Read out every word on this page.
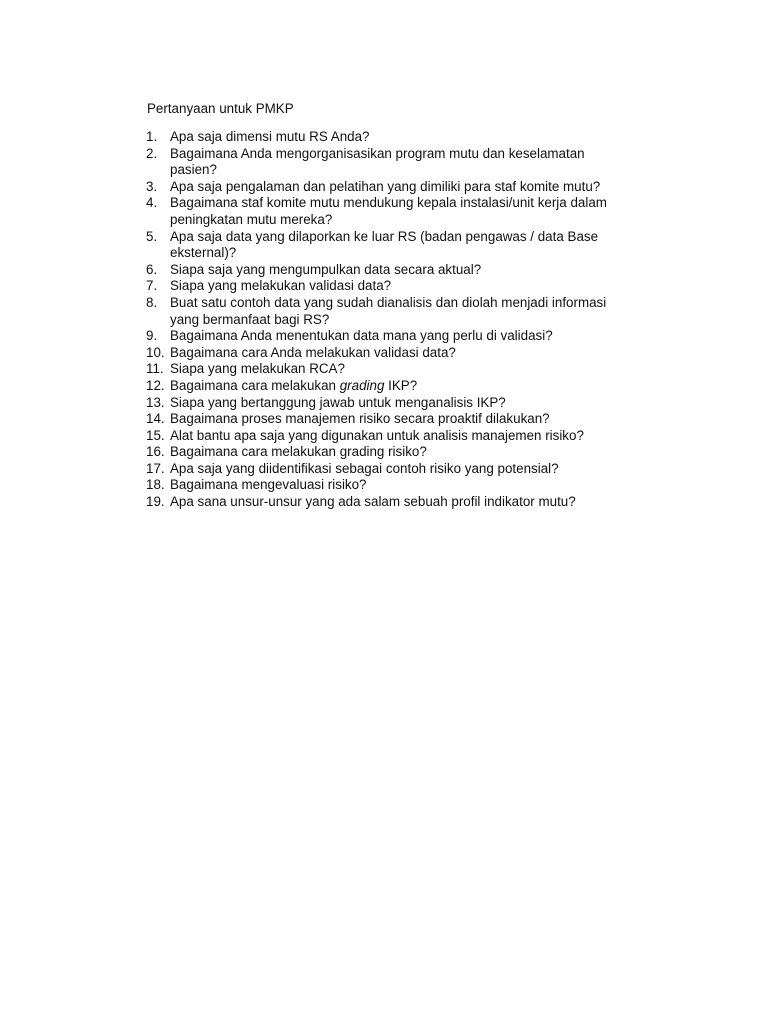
Pertanyaan untuk PMKP
1. Apa saja dimensi mutu RS Anda?
2. Bagaimana Anda mengorganisasikan program mutu dan keselamatan
pasien?
3. Apa saja pengalaman dan pelatihan yang dimiliki para staf komite mutu?
4. Bagaimana staf komite mutu mendukung kepala instalasi/unit kerja dalam
peningkatan mutu mereka?
5. Apa saja data yang dilaporkan ke luar RS (badan pengawas / data Base
eksternal)?
6. Siapa saja yang mengumpulkan data secara aktual?
7. Siapa yang melakukan validasi data?
8. Buat satu contoh data yang sudah dianalisis dan diolah menjadi informasi
yang bermanfaat bagi RS?
9. Bagaimana Anda menentukan data mana yang perlu di validasi?
10. Bagaimana cara Anda melakukan validasi data?
11. Siapa yang melakukan RCA?
12. Bagaimana cara melakukan grading IKP?
13. Siapa yang bertanggung jawab untuk menganalisis IKP?
14. Bagaimana proses manajemen risiko secara proaktif dilakukan?
15. Alat bantu apa saja yang digunakan untuk analisis manajemen risiko?
16. Bagaimana cara melakukan grading risiko?
17. Apa saja yang diidentifikasi sebagai contoh risiko yang potensial?
18. Bagaimana mengevaluasi risiko?
19. Apa sana unsur-unsur yang ada salam sebuah profil indikator mutu?
